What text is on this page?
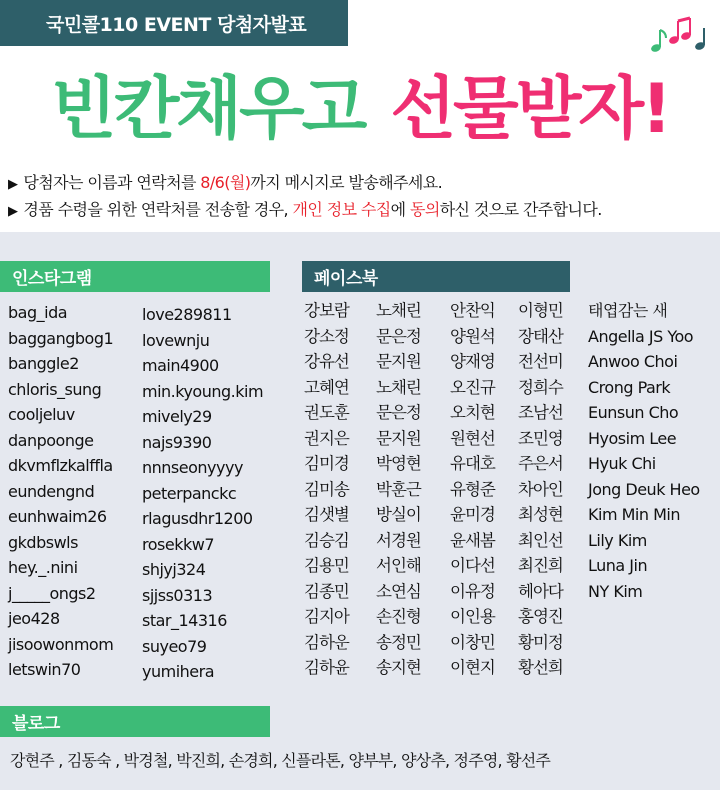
국민콜110 EVENT 당첨자발표
빈칸채우고 선물받자!
▶ 당첨자는 이름과 연락처를 8/6(월)까지 메시지로 발송해주세요.
▶ 경품 수령을 위한 연락처를 전송할 경우, 개인 정보 수집에 동의하신 것으로 간주합니다.
인스타그램	페이스북
bag_ida
baggangbog1
banggle2
chloris_sung
cooljeluv
danpoonge
dkvmflzkalffla
eundengnd
eunhwaim26
gkdbswls
hey._.nini
j_____ongs2
jeo428
jisoowonmom
letswin70
love289811
lovewnju
main4900
min.kyoung.kim
mively29
najs9390
nnnseonyyyy
peterpanckc
rlagusdhr1200
rosekkw7
shjyj324
sjjss0313
star_14316
suyeo79
yumihera
강보람
강소정
강유선
고혜연
권도훈
권지은
김미경
김미송
김샛별
김승김
김용민
김종민
김지아
김하운
김하윤
노채린
문은정
문지원
노채린
문은정
문지원
박영현
박훈근
방실이
서경원
서인해
소연심
손진형
송정민
송지현
안찬익
양원석
양재영
오진규
오치현
원현선
유대호
유형준
윤미경
윤새봄
이다선
이유정
이인용
이창민
이현지
이형민
장태산
전선미
정희수
조남선
조민영
주은서
차아인
최성현
최인선
최진희
헤아다
홍영진
황미정
황선희
태엽감는 새
Angella JS Yoo
Anwoo Choi
Crong Park
Eunsun Cho
Hyosim Lee
Hyuk Chi
Jong Deuk Heo
Kim Min Min
Lily Kim
Luna Jin
NY Kim
블로그
강현주 , 김동숙 , 박경철, 박진희, 손경희, 신플라톤, 양부부, 양상추, 정주영, 황선주
